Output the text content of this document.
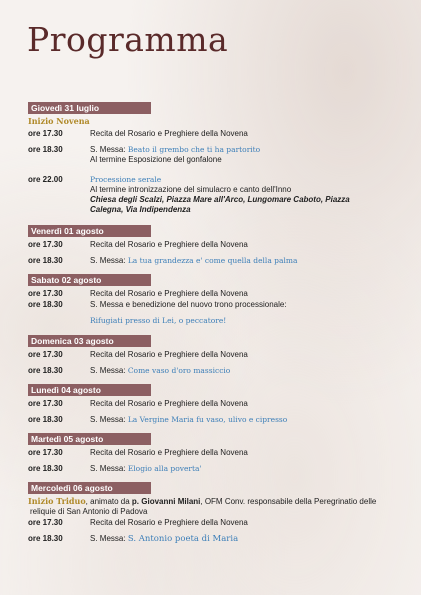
Programma
Giovedì 31 luglio
Inizio Novena
ore 17.30	Recita del Rosario e Preghiere della Novena
ore 18.30	S. Messa: Beato il grembo che ti ha partorito
Al termine Esposizione del gonfalone
ore 22.00	Processione serale
Al termine intronizzazione del simulacro e canto dell'Inno
Chiesa degli Scalzi, Piazza Mare all'Arco, Lungomare Caboto, Piazza
Calegna, Via Indipendenza
Venerdì 01 agosto
ore 17.30	Recita del Rosario e Preghiere della Novena
ore 18.30	S. Messa: La tua grandezza e' come quella della palma
Sabato 02 agosto
ore 17.30	Recita del Rosario e Preghiere della Novena
ore 18.30	S. Messa e benedizione del nuovo trono processionale:
Rifugiati presso di Lei, o peccatore!
Domenica 03 agosto
ore 17.30	Recita del Rosario e Preghiere della Novena
ore 18.30	S. Messa: Come vaso d'oro massiccio
Lunedì 04 agosto
ore 17.30	Recita del Rosario e Preghiere della Novena
ore 18.30	S. Messa: La Vergine Maria fu vaso, ulivo e cipresso
Martedì 05 agosto
ore 17.30	Recita del Rosario e Preghiere della Novena
ore 18.30	S. Messa: Elogio alla poverta'
Mercoledì 06 agosto
Inizio Triduo, animato da p. Giovanni Milani, OFM Conv. responsabile della Peregrinatio delle
reliquie di San Antonio di Padova
ore 17.30	Recita del Rosario e Preghiere della Novena
ore 18.30	S. Messa: S. Antonio poeta di Maria
